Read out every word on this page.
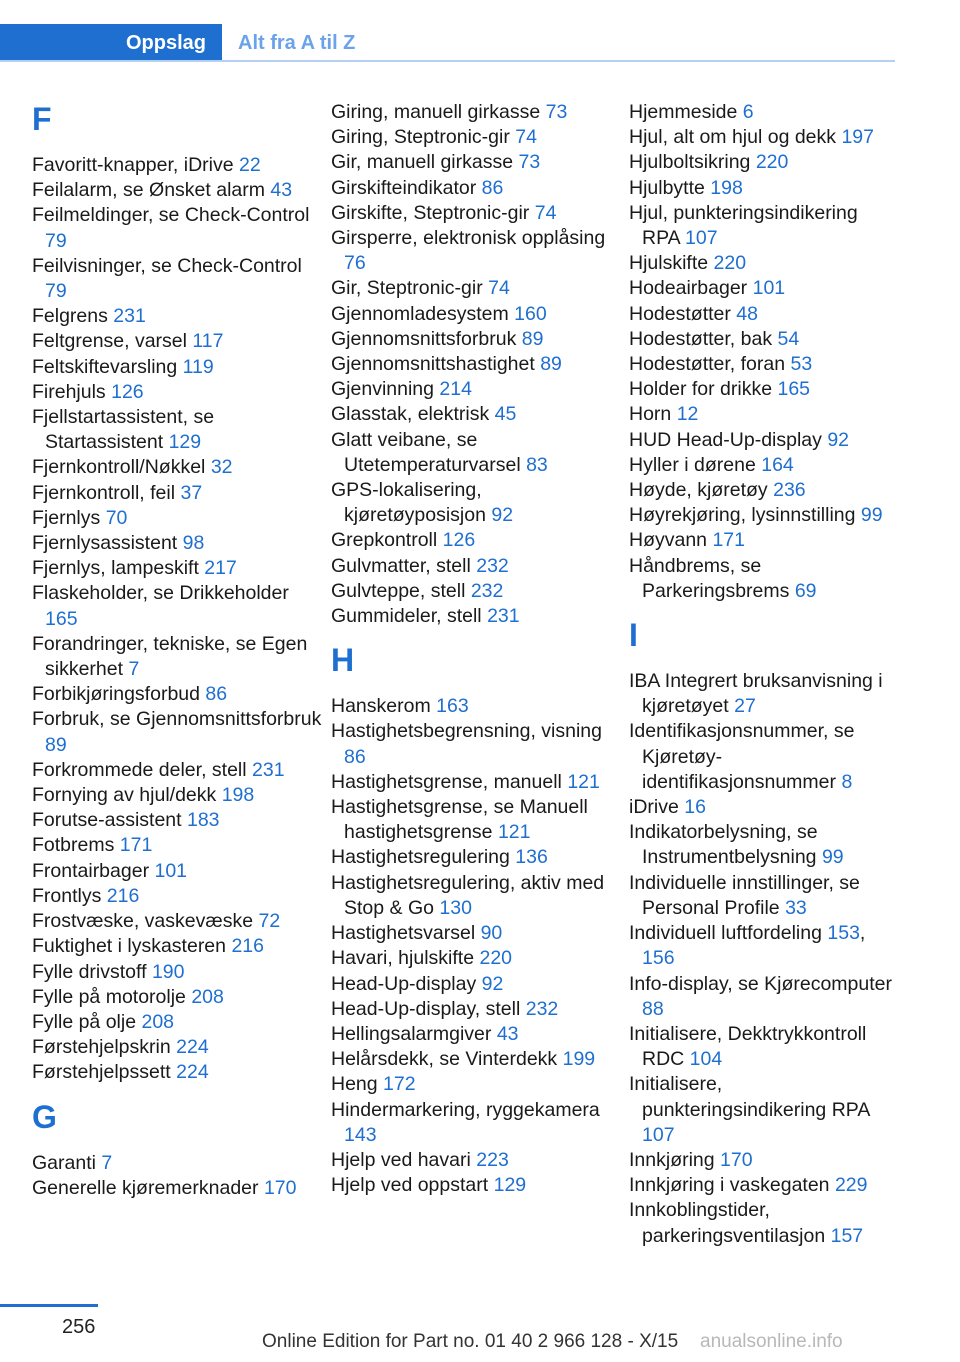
Oppslag	Alt fra A til Z
F
Favoritt-knapper, iDrive 22
Feilalarm, se Ønsket alarm 43
Feilmeldinger, se Check-Control 79
Feilvisninger, se Check-Control 79
Felgrens 231
Feltgrense, varsel 117
Feltskiftevarsling 119
Firehjuls 126
Fjellstartassistent, se Startassistent 129
Fjernkontroll/Nøkkel 32
Fjernkontroll, feil 37
Fjernlys 70
Fjernlysassistent 98
Fjernlys, lampeskift 217
Flaskeholder, se Drikkeholder 165
Forandringer, tekniske, se Egen sikkerhet 7
Forbikjøringsforbud 86
Forbruk, se Gjennomsnittsforbruk 89
Forkrommede deler, stell 231
Fornying av hjul/dekk 198
Forutse-assistent 183
Fotbrems 171
Frontairbager 101
Frontlys 216
Frostvæske, vaskevæske 72
Fuktighet i lyskasteren 216
Fylle drivstoff 190
Fylle på motorolje 208
Fylle på olje 208
Førstehjelpskrin 224
Førstehjelpssett 224
G
Garanti 7
Generelle kjøremerknader 170
Giring, manuell girkasse 73
Giring, Steptronic-gir 74
Gir, manuell girkasse 73
Girskifteindikator 86
Girskifte, Steptronic-gir 74
Girsperre, elektronisk opplåsing 76
Gir, Steptronic-gir 74
Gjennomladesystem 160
Gjennomsnittsforbruk 89
Gjennomsnittshastighet 89
Gjenvinning 214
Glasstak, elektrisk 45
Glatt veibane, se Utetemperaturvarsel 83
GPS-lokalisering, kjøretøyposisjon 92
Grepkontroll 126
Gulvmatter, stell 232
Gulvteppe, stell 232
Gummideler, stell 231
H
Hanskerom 163
Hastighetsbegrensning, visning 86
Hastighetsgrense, manuell 121
Hastighetsgrense, se Manuell hastighetsgrense 121
Hastighetsregulering 136
Hastighetsregulering, aktiv med Stop & Go 130
Hastighetsvarsel 90
Havari, hjulskifte 220
Head-Up-display 92
Head-Up-display, stell 232
Hellingsalarmgiver 43
Helårsdekk, se Vinterdekk 199
Heng 172
Hindermarkering, ryggekamera 143
Hjelp ved havari 223
Hjelp ved oppstart 129
Hjemmeside 6
Hjul, alt om hjul og dekk 197
Hjulboltsikring 220
Hjulbytte 198
Hjul, punkteringsindikering RPA 107
Hjulskifte 220
Hodeairbager 101
Hodestøtter 48
Hodestøtter, bak 54
Hodestøtter, foran 53
Holder for drikke 165
Horn 12
HUD Head-Up-display 92
Hyller i dørene 164
Høyde, kjøretøy 236
Høyrekjøring, lysinnstilling 99
Høyvann 171
Håndbrems, se Parkeringsbrems 69
I
IBA Integrert bruksanvisning i kjøretøyet 27
Identifikasjonsnummer, se Kjøretøy-identifikasjonsnummer 8
iDrive 16
Indikatorbelysning, se Instrumentbelysning 99
Individuelle innstillinger, se Personal Profile 33
Individuell luftfordeling 153, 156
Info-display, se Kjørecomputer 88
Initialisere, Dekktrykkontroll RDC 104
Initialisere, punkteringsindikering RPA 107
Innkjøring 170
Innkjøring i vaskegaten 229
Innkoblingstider, parkeringsventilasjon 157
256
Online Edition for Part no. 01 40 2 966 128 - X/15 anualsonline.info
